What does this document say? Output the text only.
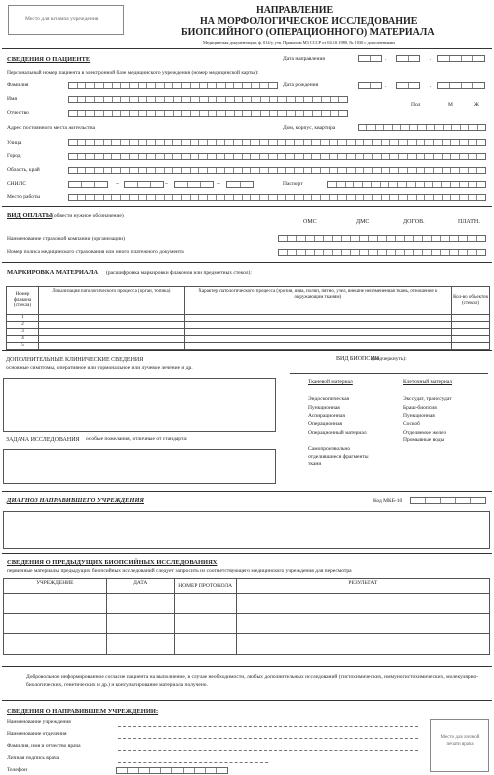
Место для штампа учреждения
НАПРАВЛЕНИЕ
НА МОРФОЛОГИЧЕСКОЕ ИССЛЕДОВАНИЕ
БИОПСИЙНОГО (ОПЕРАЦИОННОГО) МАТЕРИАЛА
Медицинская документация, ф. 014/у, утв. Приказом МЗ СССР от 04.10.1980, № 1030 с дополнениями
СВЕДЕНИЯ О ПАЦИЕНТЕ	Дата направления	.	.
Персональный номер пациента в электронной базе медицинского учреждения (номер медицинской карты):
Фамилия	Дата рождения	.	.
Имя
Пол	М	Ж
Отчество
Адрес постоянного места жительства	Дом, корпус, квартира
Улица
Город
Область, край
СНИЛС	–	–	–	Паспорт
Место работы
ВИД ОПЛАТЫ (обвести нужное обозначение)
ОМС	ДМС	ДОГОВ.	ПЛАТН.
Наименование страховой компании (организации)
Номер полиса медицинского страхования или иного платежного документа
МАРКИРОВКА МАТЕРИАЛА (расшифровка маркировки флаконов или предметных стекол):
Номер флакона (стекла)	Локализация патологического процесса (орган, топика)	Характер патологического процесса (эрозия, язва, полип, пятно, узел, внешне неизмененная ткань, отношение к окружающим тканям)	Кол-во объектов (стекол)
1			
2			
3			
4			
5			
ДОПОЛНИТЕЛЬНЫЕ КЛИНИЧЕСКИЕ СВЕДЕНИЯ
основные симптомы, оперативное или гормональное или лучевое лечение и др.
ЗАДАЧА ИССЛЕДОВАНИЯ особые пожелания, отличные от стандарта:
ВИД БИОПСИИ
(подчеркнуть):
Тканевой материал
Эндоскопическая
Пункционная
Аспирационная
Операционная
Операционный материал
Самопроизвольно отделившиеся фрагменты ткани
Клеточный материал
Экссудат, транссудат
Браш-биопсия
Пункционная
Соскоб
Отделяемое желез
Промывные воды
ДИАГНОЗ НАПРАВИВШЕГО УЧРЕЖДЕНИЯ	Код МКБ-10
СВЕДЕНИЯ О ПРЕДЫДУЩИХ БИОПСИЙНЫХ ИССЛЕДОВАНИЯХ
первичные материалы предыдущих биопсийных исследований следует запросить из соответствующего медицинского учреждения для пересмотра
УЧРЕЖДЕНИЕ	ДАТА	НОМЕР ПРОТОКОЛА	РЕЗУЛЬТАТ

Добровольное информированное согласие пациента на выполнение, в случае необходимости, любых дополнительных исследований (гистохимических, иммуногистохимических, молекулярно-биологических, генетических и др.) и консультирование материала получено.
СВЕДЕНИЯ О НАПРАВИВШЕМ УЧРЕЖДЕНИИ:
Наименование учреждения
Наименование отделения
Фамилия, имя и отчество врача
Личная подпись врача
Телефон
Место для личной печати врача
